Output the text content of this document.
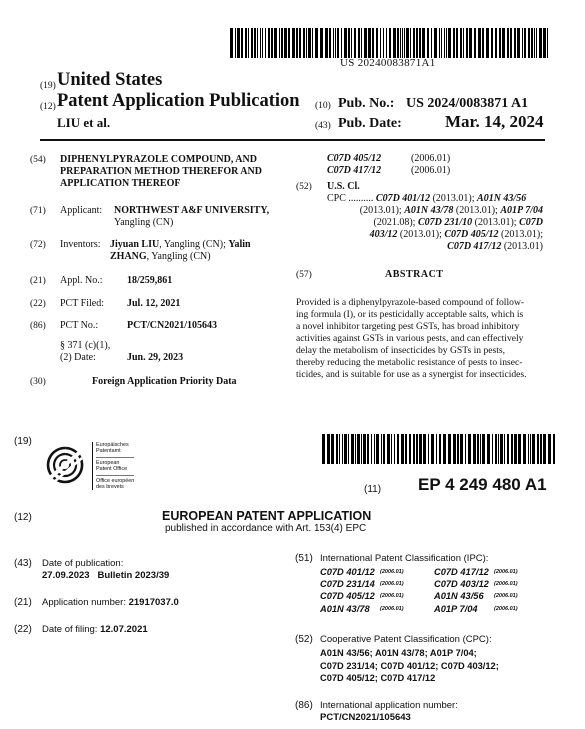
US 20240083871A1
(19) United States
(12) Patent Application Publication
LIU et al.
(10) Pub. No.: US 2024/0083871 A1
(43) Pub. Date:	Mar. 14, 2024
(54) DIPHENYLPYRAZOLE COMPOUND, AND
PREPARATION METHOD THEREFOR AND
APPLICATION THEREOF
(71) Applicant: NORTHWEST A&F UNIVERSITY,
Yangling (CN)
(72) Inventors: Jiyuan LIU, Yangling (CN); Yalin
ZHANG, Yangling (CN)
(21) Appl. No.: 18/259,861
(22) PCT Filed: Jul. 12, 2021
(86) PCT No.:	PCT/CN2021/105643
§ 371 (c)(1),
(2) Date:	Jun. 29, 2023
(30)	Foreign Application Priority Data
C07D 405/12	(2006.01)
C07D 417/12	(2006.01)
(52) U.S. Cl.
CPC .......... C07D 401/12 (2013.01); A01N 43/56
(2013.01); A01N 43/78 (2013.01); A01P 7/04
(2021.08); C07D 231/10 (2013.01); C07D
403/12 (2013.01); C07D 405/12 (2013.01);
C07D 417/12 (2013.01)
(57)	ABSTRACT
Provided is a diphenylpyrazole-based compound of follow-
ing formula (I), or its pesticidally acceptable salts, which is
a novel inhibitor targeting pest GSTs, has broad inhibitory
activities against GSTs in various pests, and can effectively
delay the metabolism of insecticides by GSTs in pests,
thereby reducing the metabolic resistance of pests to insec-
ticides, and is suitable for use as a synergist for insecticides.
(19)	Europäisches
Patentamt
European
Patent Office
Office européen
des brevets	(11) EP 4 249 480 A1
(12)	EUROPEAN PATENT APPLICATION
published in accordance with Art. 153(4) EPC
(43) Date of publication:
27.09.2023   Bulletin 2023/39
(21) Application number: 21917037.0
(22) Date of filing: 12.07.2021
(51) International Patent Classification (IPC):
C07D 401/12 (2006.01)	C07D 417/12 $^{(2006.01)}$
C07D 231/14 (2006.01)	C07D 403/12 $^{(2006.01)}$
C07D 405/12 (2006.01)	A01N 43/56 $^{(2006.01)}$
A01N 43/78 (2006.01)	A01P 7/04	$^{(2006.01)}$
(52) Cooperative Patent Classification (CPC):
A01N 43/56; A01N 43/78; A01P 7/04;
C07D 231/14; C07D 401/12; C07D 403/12;
C07D 405/12; C07D 417/12
(86) International application number:
PCT/CN2021/105643
